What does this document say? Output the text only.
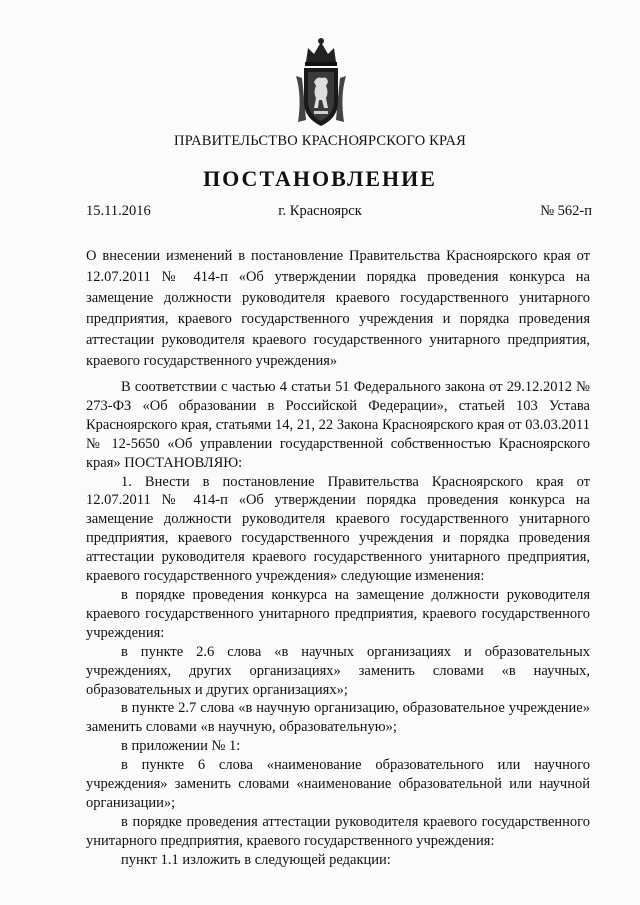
ПРАВИТЕЛЬСТВО КРАСНОЯРСКОГО КРАЯ
ПОСТАНОВЛЕНИЕ
15.11.2016	г. Красноярск	№ 562-п
О внесении изменений в постановление Правительства Красноярского края от 12.07.2011 № 414-п «Об утверждении порядка проведения конкурса на замещение должности руководителя краевого государственного унитарного предприятия, краевого государственного учреждения и порядка проведения аттестации руководителя краевого государственного унитарного предприятия, краевого государственного учреждения»

В соответствии с частью 4 статьи 51 Федерального закона от 29.12.2012 № 273-ФЗ «Об образовании в Российской Федерации», статьей 103 Устава Красноярского края, статьями 14, 21, 22 Закона Красноярского края от 03.03.2011 № 12-5650 «Об управлении государственной собственностью Красноярского края» ПОСТАНОВЛЯЮ:

1. Внести в постановление Правительства Красноярского края от 12.07.2011 № 414-п «Об утверждении порядка проведения конкурса на замещение должности руководителя краевого государственного унитарного предприятия, краевого государственного учреждения и порядка проведения аттестации руководителя краевого государственного унитарного предприятия, краевого государственного учреждения» следующие изменения:

в порядке проведения конкурса на замещение должности руководителя краевого государственного унитарного предприятия, краевого государственного учреждения:

в пункте 2.6 слова «в научных организациях и образовательных учреждениях, других организациях» заменить словами «в научных, образовательных и других организациях»;

в пункте 2.7 слова «в научную организацию, образовательное учреждение» заменить словами «в научную, образовательную»;

в приложении № 1:

в пункте 6 слова «наименование образовательного или научного учреждения» заменить словами «наименование образовательной или научной организации»;

в порядке проведения аттестации руководителя краевого государственного унитарного предприятия, краевого государственного учреждения:

пункт 1.1 изложить в следующей редакции:
